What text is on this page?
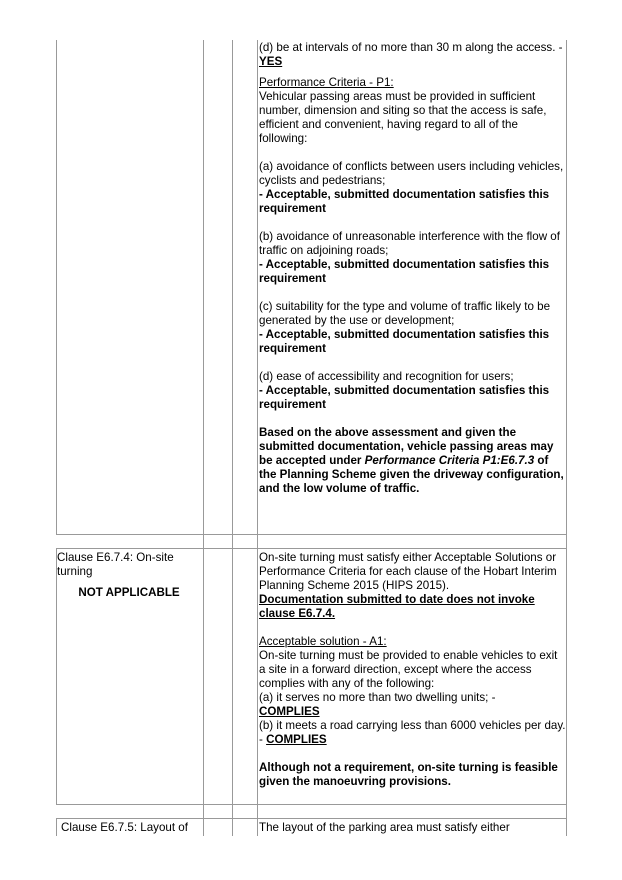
(d) be at intervals of no more than 30 m along the access. - YES

Performance Criteria - P1:

Vehicular passing areas must be provided in sufficient number, dimension and siting so that the access is safe, efficient and convenient, having regard to all of the following:

(a) avoidance of conflicts between users including vehicles, cyclists and pedestrians;

- Acceptable, submitted documentation satisfies this requirement

(b) avoidance of unreasonable interference with the flow of traffic on adjoining roads;

- Acceptable, submitted documentation satisfies this requirement

(c) suitability for the type and volume of traffic likely to be generated by the use or development;

- Acceptable, submitted documentation satisfies this requirement

(d) ease of accessibility and recognition for users;

- Acceptable, submitted documentation satisfies this requirement

Based on the above assessment and given the submitted documentation, vehicle passing areas may be accepted under Performance Criteria P1:E6.7.3 of the Planning Scheme given the driveway configuration, and the low volume of traffic.

Clause E6.7.4: On-site turning

NOT APPLICABLE

On-site turning must satisfy either Acceptable Solutions or Performance Criteria for each clause of the Hobart Interim Planning Scheme 2015 (HIPS 2015).

Documentation submitted to date does not invoke clause E6.7.4.

Acceptable solution - A1:

On-site turning must be provided to enable vehicles to exit a site in a forward direction, except where the access complies with any of the following:

(a) it serves no more than two dwelling units; -

COMPLIES

(b) it meets a road carrying less than 6000 vehicles per day. - COMPLIES

Although not a requirement, on-site turning is feasible given the manoeuvring provisions.

Clause E6.7.5: Layout of	The layout of the parking area must satisfy either
